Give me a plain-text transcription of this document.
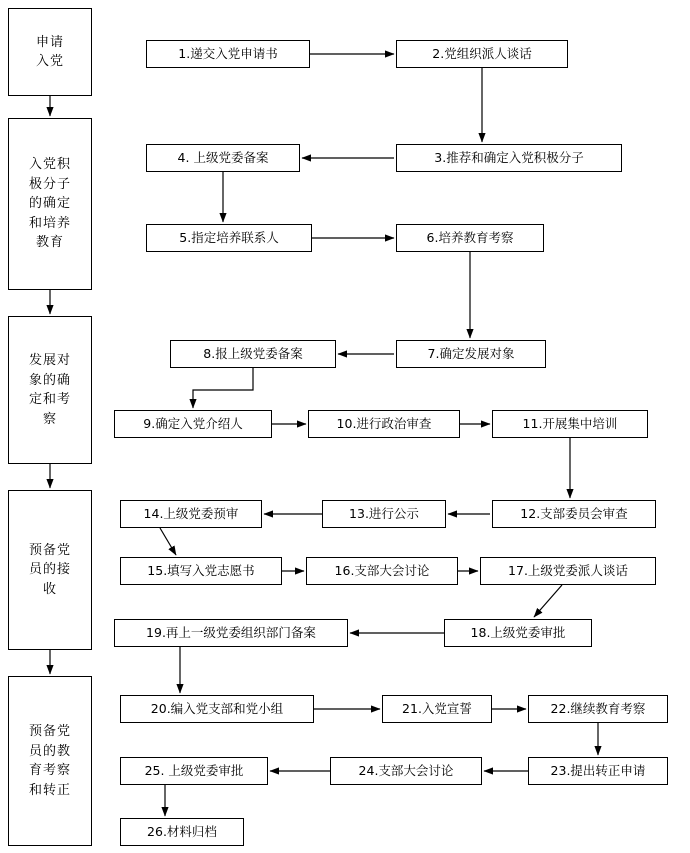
申请
入党
入党积
极分子
的确定
和培养
教育
发展对
象的确
定和考
察
预备党
员的接
收
预备党
员的教
育考察
和转正
1.递交入党申请书	2.党组织派人谈话
3.推荐和确定入党积极分子
4. 上级党委备案
5.指定培养联系人	6.培养教育考察
7.确定发展对象
8.报上级党委备案
9.确定入党介绍人	10.进行政治审查	11.开展集中培训
12.支部委员会审查
13.进行公示
14.上级党委预审
15.填写入党志愿书	16.支部大会讨论	17.上级党委派人谈话
18.上级党委审批
19.再上一级党委组织部门备案
20.编入党支部和党小组	21.入党宣誓	22.继续教育考察
23.提出转正申请
24.支部大会讨论
25. 上级党委审批
26.材料归档
